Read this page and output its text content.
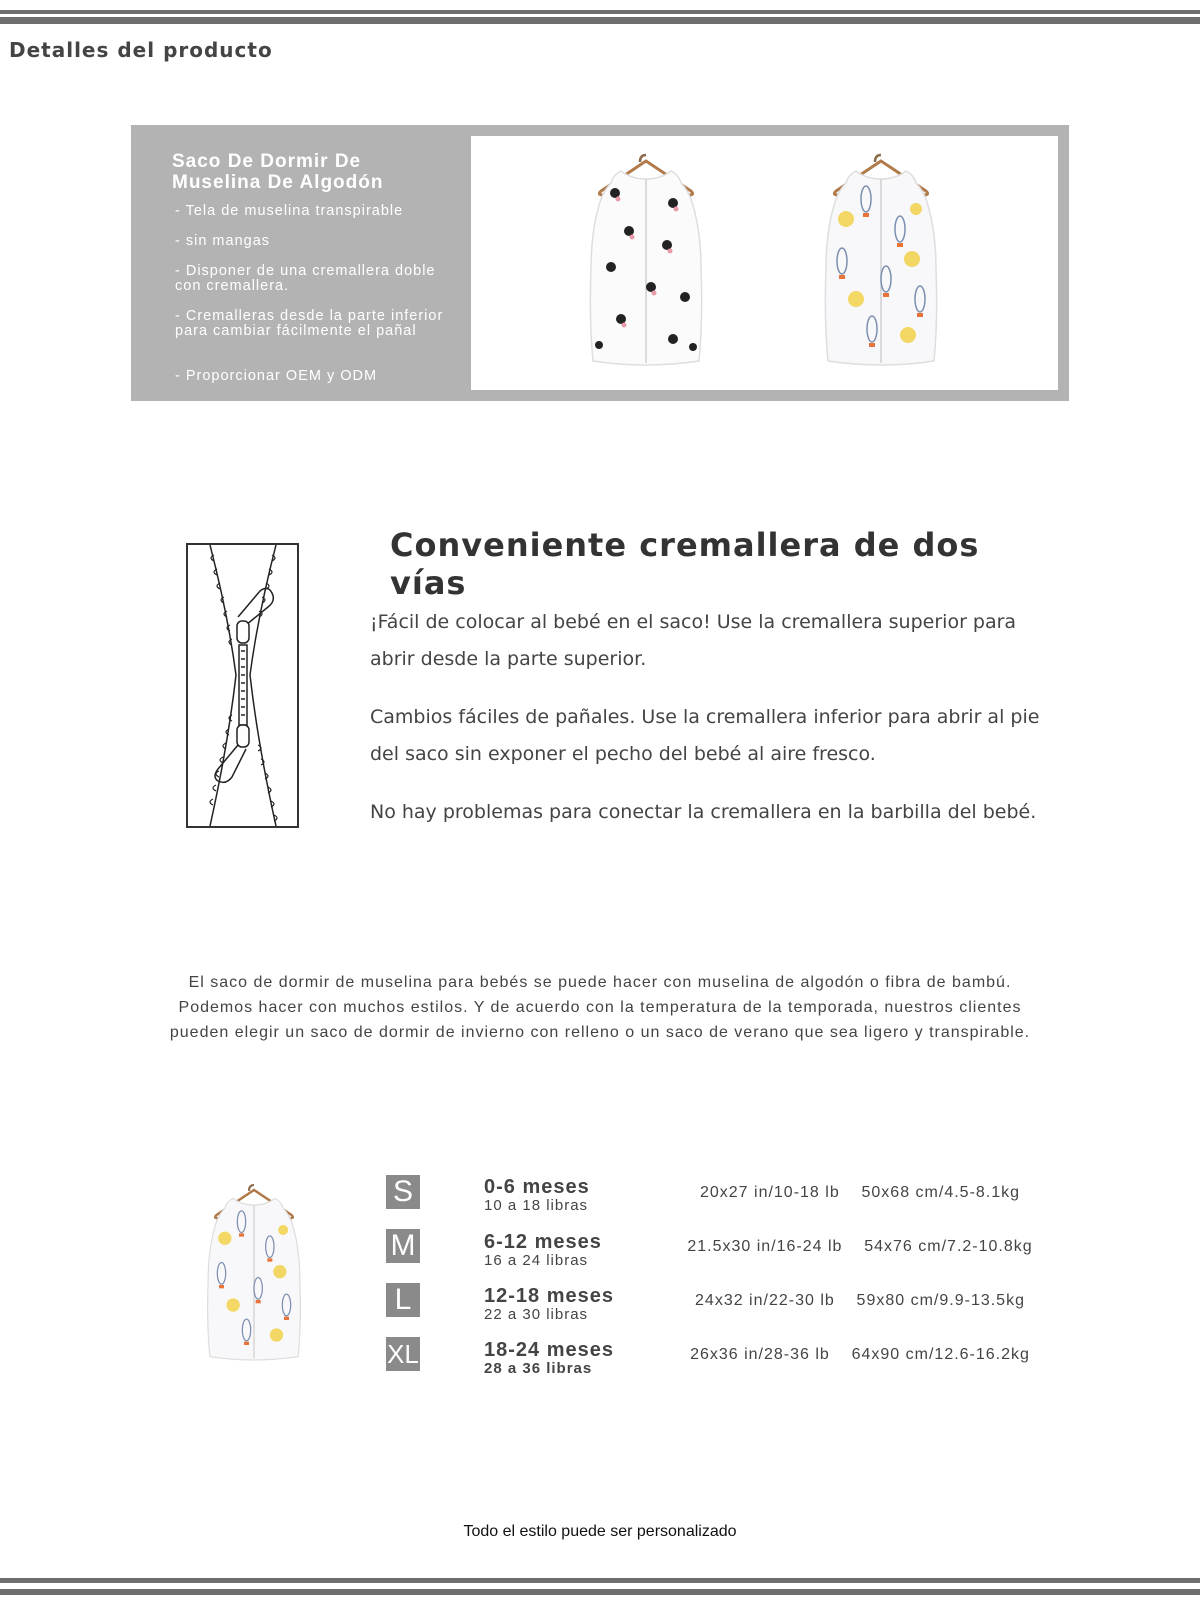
Detalles del producto
Saco De Dormir De Muselina De Algodón
- Tela de muselina transpirable
- sin mangas
- Disponer de una cremallera doble con cremallera.
- Cremalleras desde la parte inferior para cambiar fácilmente el pañal
- Proporcionar OEM y ODM
Conveniente cremallera de dos vías

¡Fácil de colocar al bebé en el saco! Use la cremallera superior para abrir desde la parte superior.

Cambios fáciles de pañales. Use la cremallera inferior para abrir al pie del saco sin exponer el pecho del bebé al aire fresco.

No hay problemas para conectar la cremallera en la barbilla del bebé.

El saco de dormir de muselina para bebés se puede hacer con muselina de algodón o fibra de bambú. Podemos hacer con muchos estilos. Y de acuerdo con la temperatura de la temporada, nuestros clientes pueden elegir un saco de dormir de invierno con relleno o un saco de verano que sea ligero y transpirable.

S	0-6 meses
10 a 18 libras
20x27 in/10-18 lb    50x68 cm/4.5-8.1kg
M	6-12 meses
16 a 24 libras
21.5x30 in/16-24 lb    54x76 cm/7.2-10.8kg
L	12-18 meses
22 a 30 libras
24x32 in/22-30 lb    59x80 cm/9.9-13.5kg
XL	18-24 meses
28 a 36 libras
26x36 in/28-36 lb    64x90 cm/12.6-16.2kg

Todo el estilo puede ser personalizado
